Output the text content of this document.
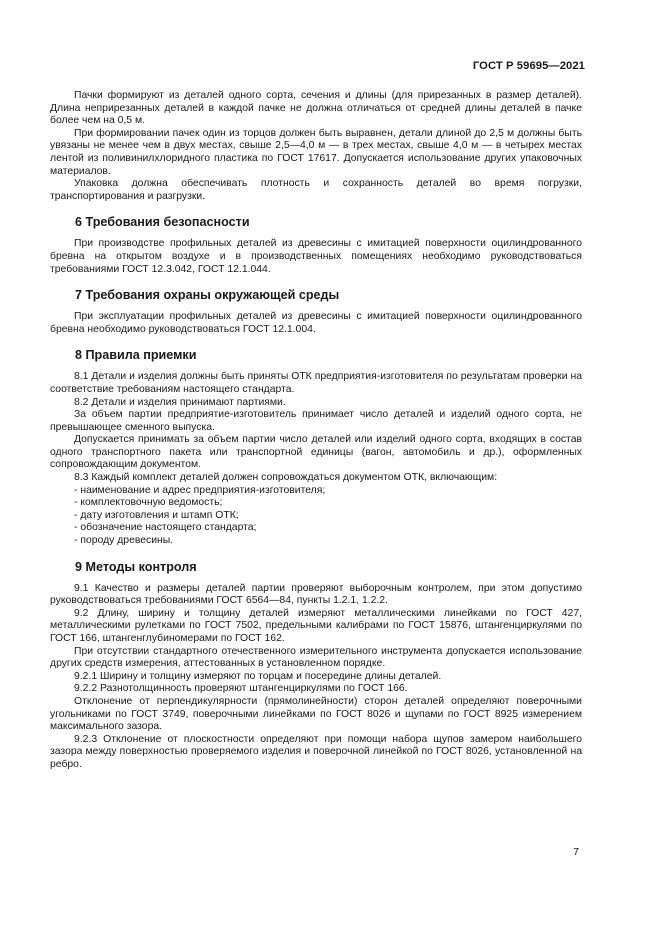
ГОСТ Р 59695—2021

Пачки формируют из деталей одного сорта, сечения и длины (для прирезанных в размер деталей). Длина неприрезанных деталей в каждой пачке не должна отличаться от средней длины деталей в пачке более чем на 0,5 м.

При формировании пачек один из торцов должен быть выравнен, детали длиной до 2,5 м должны быть увязаны не менее чем в двух местах, свыше 2,5—4,0 м — в трех местах, свыше 4,0 м — в четырех местах лентой из поливинилхлоридного пластика по ГОСТ 17617. Допускается использование других упаковочных материалов.

Упаковка должна обеспечивать плотность и сохранность деталей во время погрузки, транспортирования и разгрузки.

6 Требования безопасности

При производстве профильных деталей из древесины с имитацией поверхности оцилиндрованного бревна на открытом воздухе и в производственных помещениях необходимо руководствоваться требованиями ГОСТ 12.3.042, ГОСТ 12.1.044.

7 Требования охраны окружающей среды

При эксплуатации профильных деталей из древесины с имитацией поверхности оцилиндрованного бревна необходимо руководствоваться ГОСТ 12.1.004.

8 Правила приемки

8.1 Детали и изделия должны быть приняты ОТК предприятия-изготовителя по результатам проверки на соответствие требованиям настоящего стандарта.

8.2 Детали и изделия принимают партиями.

За объем партии предприятие-изготовитель принимает число деталей и изделий одного сорта, не превышающее сменного выпуска.

Допускается принимать за объем партии число деталей или изделий одного сорта, входящих в состав одного транспортного пакета или транспортной единицы (вагон, автомобиль и др.), оформленных сопровождающим документом.

8.3 Каждый комплект деталей должен сопровождаться документом ОТК, включающим:

- наименование и адрес предприятия-изготовителя;
- комплектовочную ведомость;
- дату изготовления и штамп ОТК;
- обозначение настоящего стандарта;
- породу древесины.
9 Методы контроля

9.1 Качество и размеры деталей партии проверяют выборочным контролем, при этом допустимо руководствоваться требованиями ГОСТ 6564—84, пункты 1.2.1, 1.2.2.

9.2 Длину, ширину и толщину деталей измеряют металлическими линейками по ГОСТ 427, металлическими рулетками по ГОСТ 7502, предельными калибрами по ГОСТ 15876, штангенциркулями по ГОСТ 166, штангенглубиномерами по ГОСТ 162.

При отсутствии стандартного отечественного измерительного инструмента допускается использование других средств измерения, аттестованных в установленном порядке.

9.2.1 Ширину и толщину измеряют по торцам и посередине длины деталей.

9.2.2 Разнотолщинность проверяют штангенциркулями по ГОСТ 166.

Отклонение от перпендикулярности (прямолинейности) сторон деталей определяют поверочными угольниками по ГОСТ 3749, поверочными линейками по ГОСТ 8026 и щупами по ГОСТ 8925 измерением максимального зазора.

9.2.3 Отклонение от плоскостности определяют при помощи набора щупов замером наибольшего зазора между поверхностью проверяемого изделия и поверочной линейкой по ГОСТ 8026, установленной на ребро.

7
